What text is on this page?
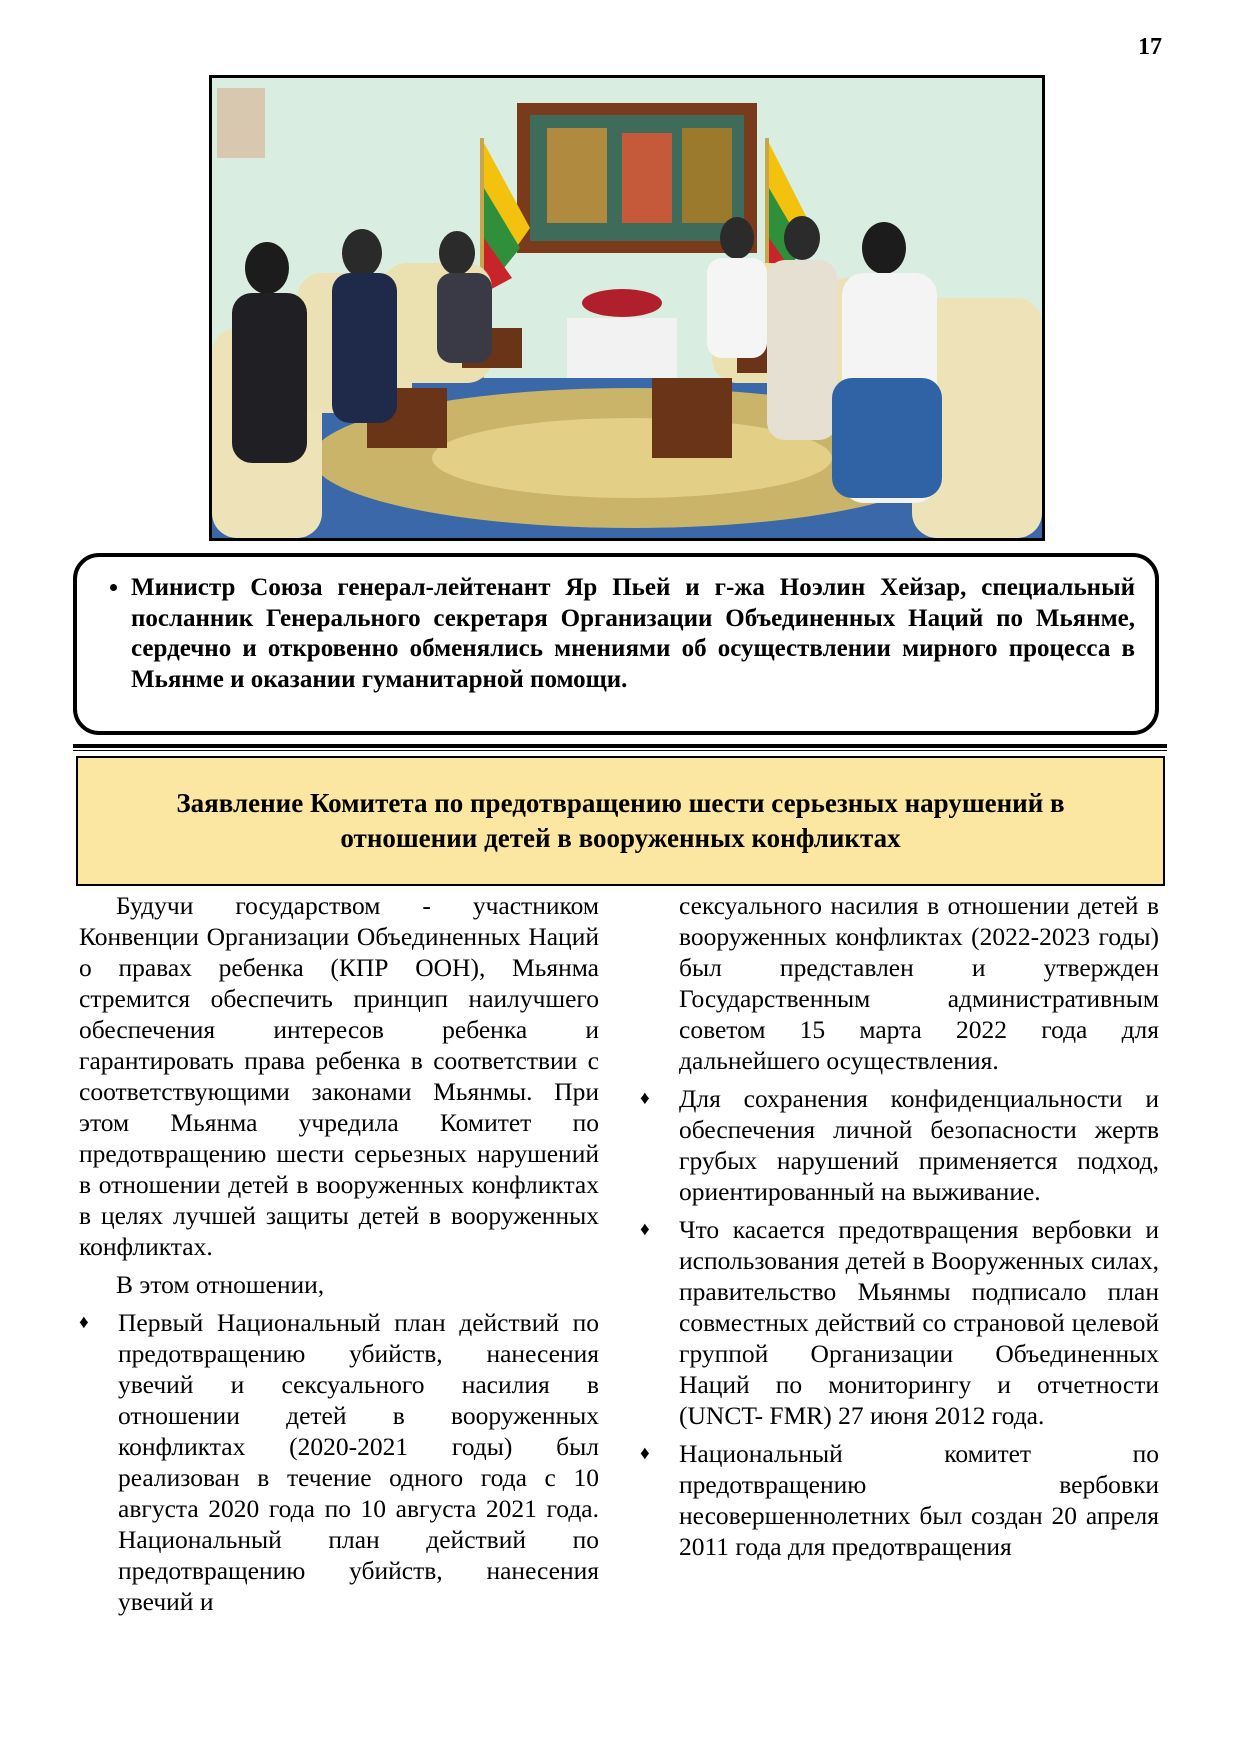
17
• Министр Союза генерал-лейтенант Яр Пьей и г-жа Ноэлин Хейзар, специальный посланник Генерального секретаря Организации Объединенных Наций по Мьянме, сердечно и откровенно обменялись мнениями об осуществлении мирного процесса в Мьянме и оказании гуманитарной помощи.
Заявление Комитета по предотвращению шести серьезных нарушений в отношении детей в вооруженных конфликтах

Будучи государством - участником Конвенции Организации Объединенных Наций о правах ребенка (КПР ООН), Мьянма стремится обеспечить принцип наилучшего обеспечения интересов ребенка и гарантировать права ребенка в соответствии с соответствующими законами Мьянмы. При этом Мьянма учредила Комитет по предотвращению шести серьезных нарушений в отношении детей в вооруженных конфликтах в целях лучшей защиты детей в вооруженных конфликтах.

В этом отношении,

♦ Первый Национальный план действий по предотвращению убийств, нанесения увечий и сексуального насилия в отношении детей в вооруженных конфликтах (2020-2021 годы) был реализован в течение одного года с 10 августа 2020 года по 10 августа 2021 года. Национальный план действий по предотвращению убийств, нанесения увечий и

сексуального насилия в отношении детей в вооруженных конфликтах (2022-2023 годы) был представлен и утвержден Государственным административным советом 15 марта 2022 года для дальнейшего осуществления.

♦ Для сохранения конфиденциальности и обеспечения личной безопасности жертв грубых нарушений применяется подход, ориентированный на выживание.

♦ Что касается предотвращения вербовки и использования детей в Вооруженных силах, правительство Мьянмы подписало план совместных действий со страновой целевой группой Организации Объединенных Наций по мониторингу и отчетности (UNCT- FMR) 27 июня 2012 года.

♦ Национальный комитет по предотвращению вербовки несовершеннолетних был создан 20 апреля 2011 года для предотвращения
